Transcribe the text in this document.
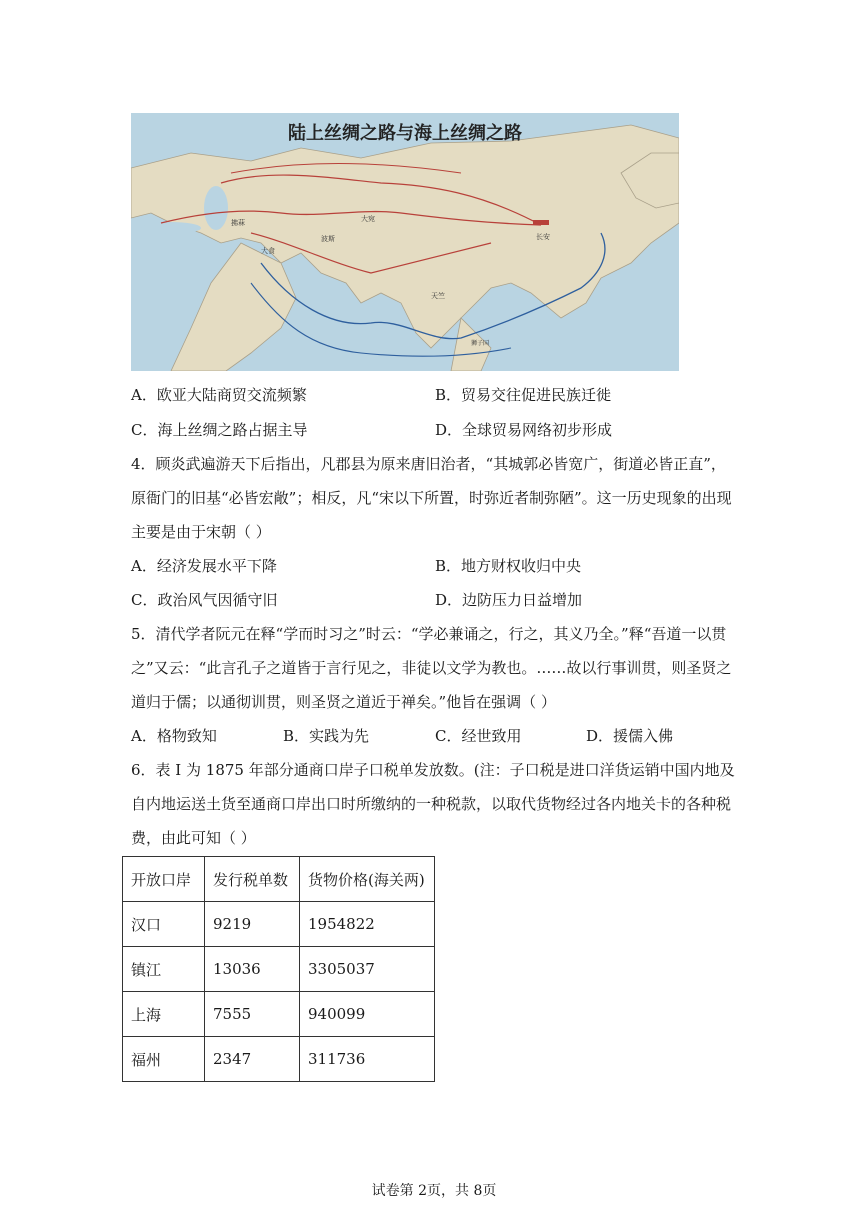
拂菻
大食
波斯
大宛
天竺
长安
狮子国
陆上丝绸之路与海上丝绸之路
A．欧亚大陆商贸交流频繁	B．贸易交往促进民族迁徙
C．海上丝绸之路占据主导	D．全球贸易网络初步形成
4．顾炎武遍游天下后指出，凡郡县为原来唐旧治者，“其城郭必皆宽广，街道必皆正直”，
原衙门的旧基“必皆宏敞”；相反，凡“宋以下所置，时弥近者制弥陋”。这一历史现象的出现
主要是由于宋朝（ ）
A．经济发展水平下降	B．地方财权收归中央
C．政治风气因循守旧	D．边防压力日益增加
5．清代学者阮元在释“学而时习之”时云：“学必兼诵之，行之，其义乃全。”释“吾道一以贯
之”又云：“此言孔子之道皆于言行见之，非徒以文学为教也。……故以行事训贯，则圣贤之
道归于儒；以通彻训贯，则圣贤之道近于禅矣。”他旨在强调（ ）
A．格物致知	B．实践为先	C．经世致用	D．援儒入佛
6．表 I 为 1875 年部分通商口岸子口税单发放数。(注：子口税是进口洋货运销中国内地及
自内地运送土货至通商口岸出口时所缴纳的一种税款，以取代货物经过各内地关卡的各种税
费，由此可知（ ）
开放口岸	发行税单数	货物价格(海关两)
汉口	9219	1954822
镇江	13036	3305037
上海	7555	940099
福州	2347	311736
试卷第 2页，共 8页
